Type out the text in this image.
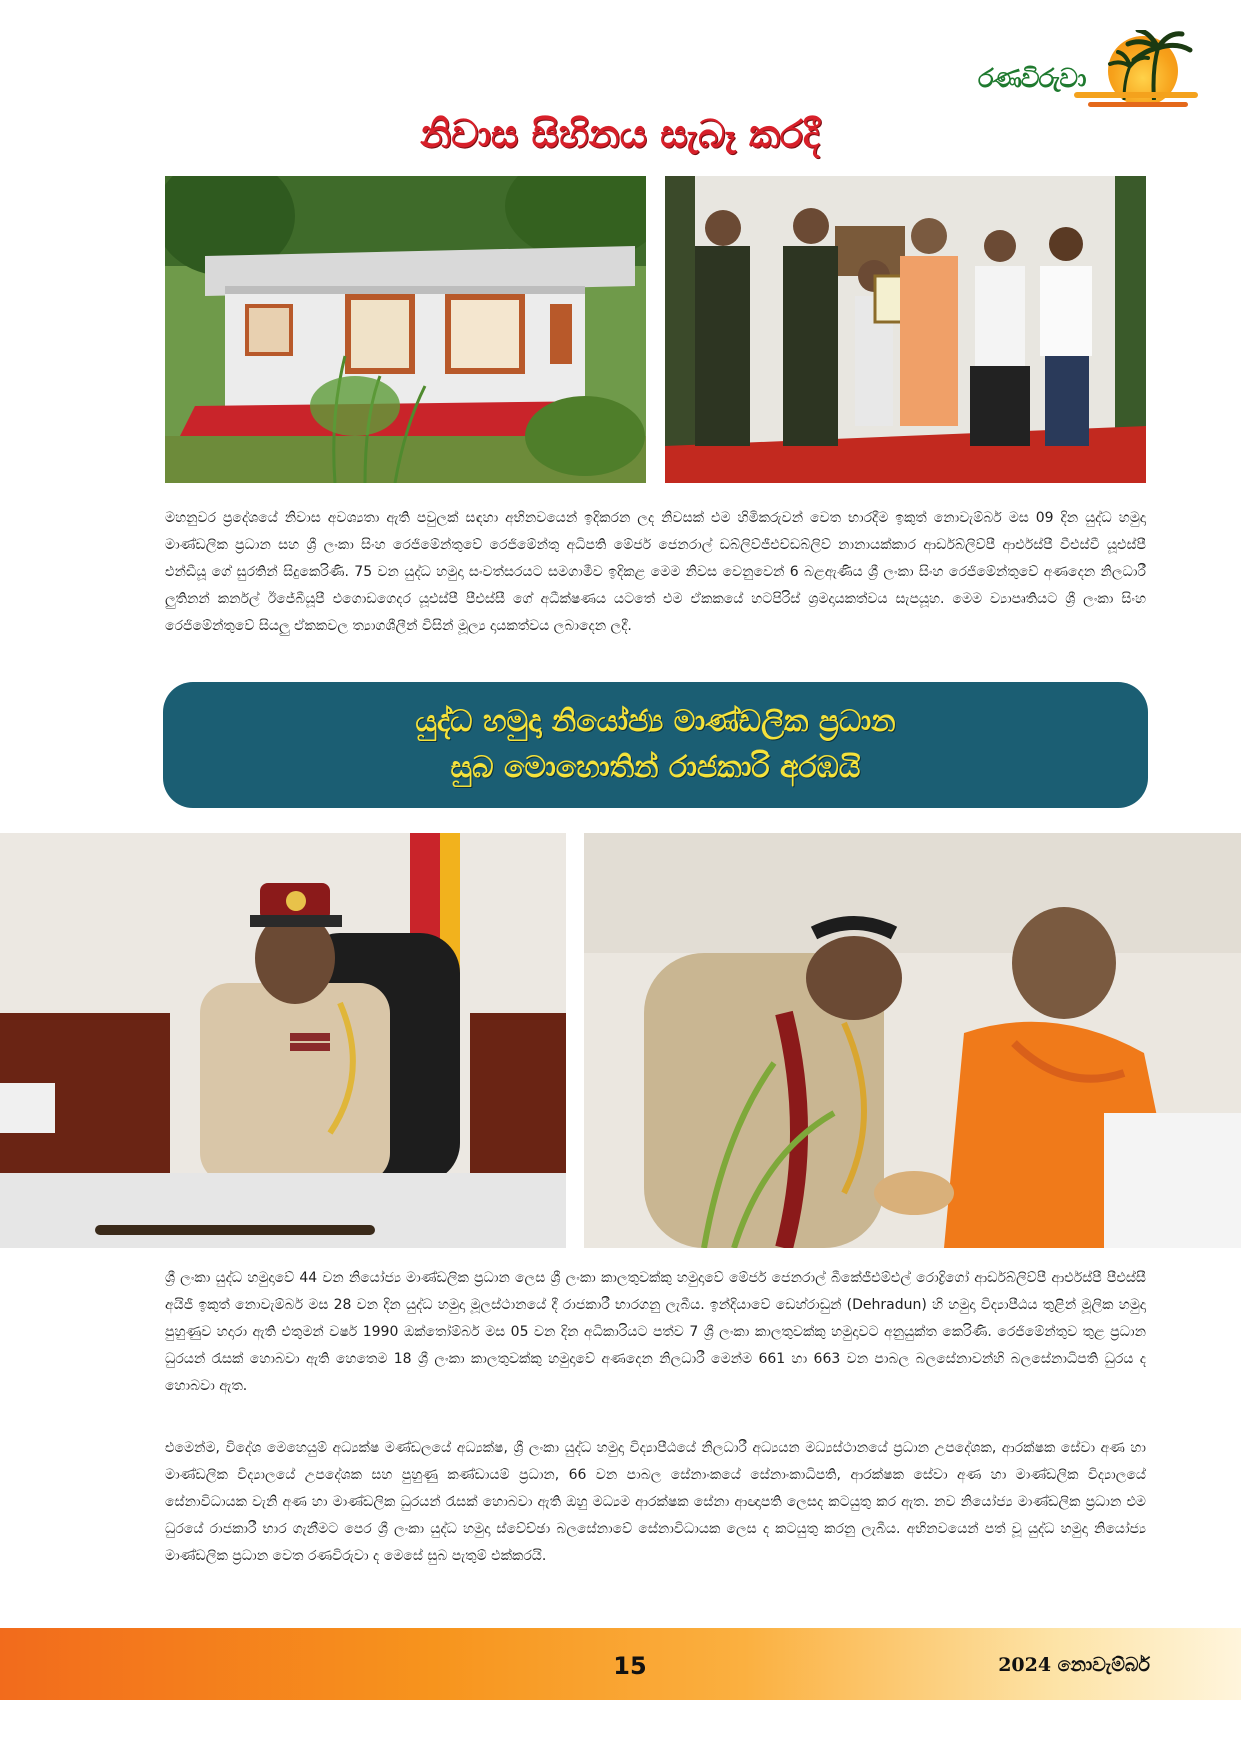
රණවිරුවා
නිවාස සිහිනය සැබෑ කරදී
මහනුවර ප්‍රදේශයේ නිවාස අවශ්‍යතා ඇති පවුලක් සඳහා අභිනවයෙන් ඉදිකරන ලද නිවසක් එම හිමිකරුවන් වෙත භාරදීම ඉකුත් නොවැම්බර් මස 09 දින යුද්ධ හමුදා මාණ්ඩලික ප්‍රධාන සහ ශ්‍රී ලංකා සිංහ රෙජිමේන්තුවේ රෙජිමේන්තු අධිපති මේජර් ජෙනරාල් ඩබ්ලිව්ජීඑච්ඩබ්ලිව් නානායක්කාර ආර්ඩබ්ලිව්පී ආර්එස්පී වීඑස්වී යූඑස්පී එන්ඩීයූ ගේ සුරතින් සිදුකෙරිණි. 75 වන යුද්ධ හමුදා සංවත්සරයට සමගාමීව ඉදිකළ මෙම නිවස වෙනුවෙන් 6 බළඇණිය ශ්‍රී ලංකා සිංහ රෙජිමේන්තුවේ අණදෙන නිලධාරී ලුතිනන් කර්නල් ඊජේබීයූපී එගොඩගෙදර යූඑස්පී පීඑස්සී ගේ අධීක්ෂණය යටතේ එම ඒකකයේ හටපිරිස් ශ්‍රමදායකත්වය සැපයූහ. මෙම ව්‍යාපෘතියට ශ්‍රී ලංකා සිංහ රෙජිමේන්තුවේ සියලු ඒකකවල ත්‍යාගශීලීන් විසින් මූල්‍ය දායකත්වය ලබාදෙන ලදී.
යුද්ධ හමුදා නියෝජ්‍ය මාණ්ඩලික ප්‍රධාන
සුබ මොහොතින් රාජකාරි අරඹයි
ශ්‍රී ලංකා යුද්ධ හමුදාවේ 44 වන නියෝජ්‍ය මාණ්ඩලික ප්‍රධාන ලෙස ශ්‍රී ලංකා කාලතුවක්කු හමුදාවේ මේජර් ජෙනරාල් බීකේජීඑම්එල් රොද්‍රිගෝ ආර්ඩබ්ලිව්පී ආර්එස්පී පීඑස්සී අයිජී ඉකුත් නොවැම්බර් මස 28 වන දින යුද්ධ හමුදා මූලස්ථානයේ දී රාජකාරී භාරගනු ලැබීය. ඉන්දියාවේ ඩෙහ්රාඩුන් (Dehradun) හි හමුදා විද්‍යාපීඨය තුළින් මූලික හමුදා පුහුණුව හදාරා ඇති එතුමන් වර්ෂ 1990 ඔක්තෝම්බර් මස 05 වන දින අධිකාරියට පත්ව 7 ශ්‍රී ලංකා කාලතුවක්කු හමුදාවට අනුයුක්ත කෙරිණි. රෙජිමේන්තුව තුළ ප්‍රධාන ධුරයන් රැසක් හොබවා ඇති හෙතෙම 18 ශ්‍රී ලංකා කාලතුවක්කු හමුදාවේ අණදෙන නිලධාරී මෙන්ම 661 හා 663 වන පාබල බලසේනාවන්හි බලසේනාධිපති ධුරය ද හොබවා ඇත.
එමෙන්ම, විදේශ මෙහෙයුම් අධ්‍යක්ෂ මණ්ඩලයේ අධ්‍යක්ෂ, ශ්‍රී ලංකා යුද්ධ හමුදා විද්‍යාපීඨයේ නිලධාරී අධ්‍යයන මධ්‍යස්ථානයේ ප්‍රධාන උපදේශක, ආරක්ෂක සේවා අණ හා මාණ්ඩලික විද්‍යාලයේ උපදේශක සහ පුහුණු කණ්ඩායම් ප්‍රධාන, 66 වන පාබල සේනාංකයේ සේනාංකාධිපති, ආරක්ෂක සේවා අණ හා මාණ්ඩලික විද්‍යාලයේ සේනාවිධායක වැනි අණ හා මාණ්ඩලික ධුරයන් රැසක් හොබවා ඇති ඔහු මධ්‍යම ආරක්ෂක සේනා ආඥාපති ලෙසද කටයුතු කර ඇත. නව නියෝජ්‍ය මාණ්ඩලික ප්‍රධාන එම ධුරයේ රාජකාරී භාර ගැනීමට පෙර ශ්‍රී ලංකා යුද්ධ හමුදා ස්වේච්ඡා බලසේනාවේ සේනාවිධායක ලෙස ද කටයුතු කරනු ලැබීය. අභිනවයෙන් පත් වූ යුද්ධ හමුදා නියෝජ්‍ය මාණ්ඩලික ප්‍රධාන වෙත රණවිරුවා ද මෙසේ සුබ පැතුම් එක්කරයි.
15	2024 නොවැම්බර්
